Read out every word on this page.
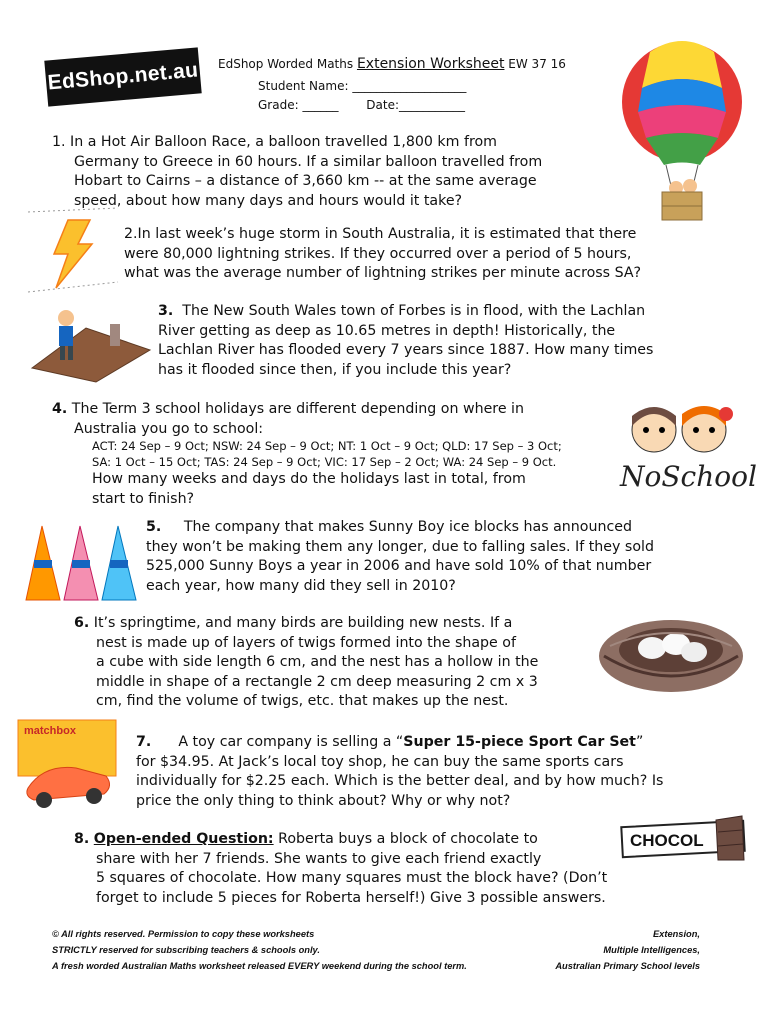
EdShop.net.au EdShop Worded Maths Extension Worksheet EW 37 16
Student Name: ___________________
Grade: ______ Date:___________
1. In a Hot Air Balloon Race, a balloon travelled 1,800 km from
Germany to Greece in 60 hours. If a similar balloon travelled from
Hobart to Cairns – a distance of 3,660 km -- at the same average
speed, about how many days and hours would it take?
2.In last week’s huge storm in South Australia, it is estimated that there
were 80,000 lightning strikes. If they occurred over a period of 5 hours,
what was the average number of lightning strikes per minute across SA?
3. The New South Wales town of Forbes is in flood, with the Lachlan
River getting as deep as 10.65 metres in depth! Historically, the
Lachlan River has flooded every 7 years since 1887. How many times
has it flooded since then, if you include this year?
4. The Term 3 school holidays are different depending on where in
Australia you go to school:
ACT: 24 Sep – 9 Oct; NSW: 24 Sep – 9 Oct; NT: 1 Oct – 9 Oct; QLD: 17 Sep – 3 Oct;
SA: 1 Oct – 15 Oct; TAS: 24 Sep – 9 Oct; VIC: 17 Sep – 2 Oct; WA: 24 Sep – 9 Oct.
How many weeks and days do the holidays last in total, from
start to finish?
NoSchool
5. The company that makes Sunny Boy ice blocks has announced
they won’t be making them any longer, due to falling sales. If they sold
525,000 Sunny Boys a year in 2006 and have sold 10% of that number
each year, how many did they sell in 2010?
6. It’s springtime, and many birds are building new nests. If a
nest is made up of layers of twigs formed into the shape of
a cube with side length 6 cm, and the nest has a hollow in the
middle in shape of a rectangle 2 cm deep measuring 2 cm x 3
cm, find the volume of twigs, etc. that makes up the nest.
matchbox
7. A toy car company is selling a “Super 15-piece Sport Car Set”
for $34.95. At Jack’s local toy shop, he can buy the same sports cars
individually for $2.25 each. Which is the better deal, and by how much? Is
price the only thing to think about? Why or why not?
8. Open-ended Question: Roberta buys a block of chocolate to
share with her 7 friends. She wants to give each friend exactly
5 squares of chocolate. How many squares must the block have? (Don’t
forget to include 5 pieces for Roberta herself!) Give 3 possible answers.
CHOCOL
© All rights reserved. Permission to copy these worksheets
STRICTLY reserved for subscribing teachers & schools only.
A fresh worded Australian Maths worksheet released EVERY weekend during the school term.
Extension,
Multiple Intelligences,
Australian Primary School levels
